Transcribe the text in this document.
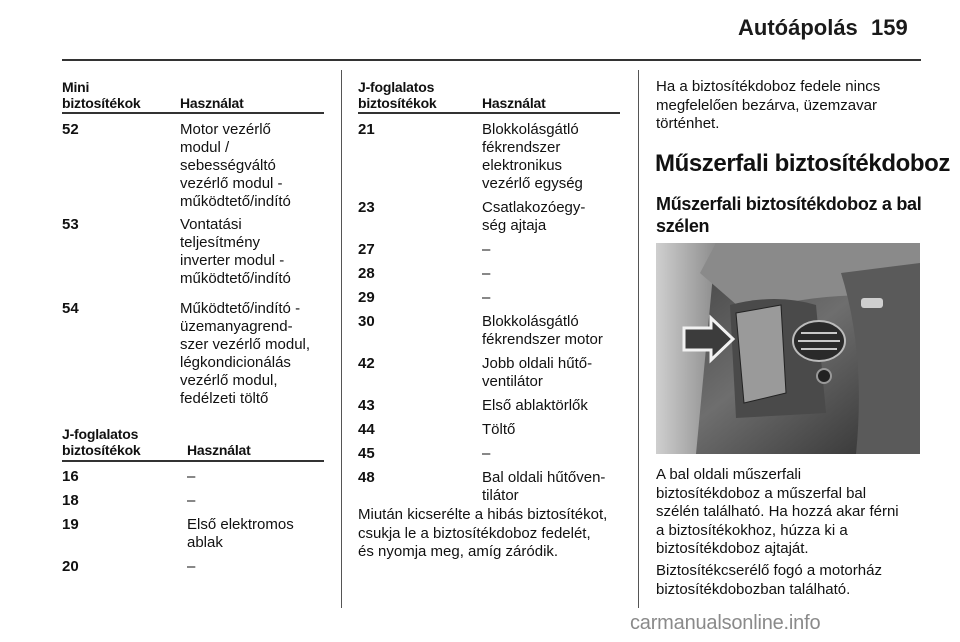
Autóápolás 159
Mini
biztosítékok	Használat
52	Motor vezérlő
modul /
sebességváltó
vezérlő modul -
működtető/indító
53	Vontatási
teljesítmény
inverter modul -
működtető/indító
54	Működtető/indító -
üzemanyagrend-
szer vezérlő modul,
légkondicionálás
vezérlő modul,
fedélzeti töltő
J-foglalatos
biztosítékok	Használat
16	–
18	–
19	Első elektromos
ablak
20	–
J-foglalatos
biztosítékok	Használat
21	Blokkolásgátló
fékrendszer
elektronikus
vezérlő egység
23	Csatlakozóegy-
ség ajtaja
27	–
28	–
29	–
30	Blokkolásgátló
fékrendszer motor
42	Jobb oldali hűtő-
ventilátor
43	Első ablaktörlők
44	Töltő
45	–
48	Bal oldali hűtőven-
tilátor
Miután kicserélte a hibás biztosítékot,
csukja le a biztosítékdoboz fedelét,
és nyomja meg, amíg záródik.
Ha a biztosítékdoboz fedele nincs
megfelelően bezárva, üzemzavar
történhet.
Műszerfali biztosítékdoboz
Műszerfali biztosítékdoboz a bal
szélen
A bal oldali műszerfali
biztosítékdoboz a műszerfal bal
szélén található. Ha hozzá akar férni
a biztosítékokhoz, húzza ki a
biztosítékdoboz ajtaját.
Biztosítékcserélő fogó a motorház
biztosítékdobozban található.
carmanualsonline.info
